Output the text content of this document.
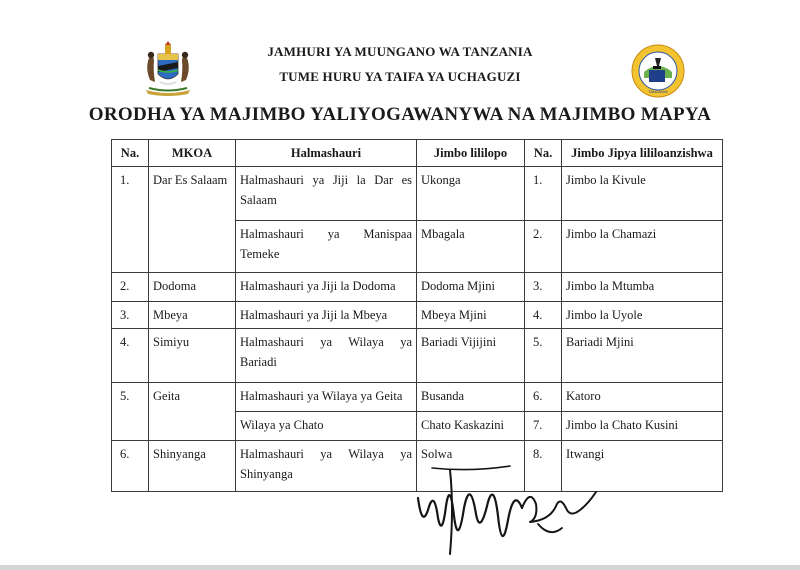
TANZANIA
JAMHURI YA MUUNGANO WA TANZANIA
TUME HURU YA TAIFA YA UCHAGUZI
ORODHA YA MAJIMBO YALIYOGAWANYWA NA MAJIMBO MAPYA
Na.	MKOA	Halmashauri	Jimbo lililopo	Na.	Jimbo Jipya lililoanzishwa
1.	Dar Es Salaam	Halmashauri ya Jiji la Dar es Salaam	Ukonga	1.	Jimbo la Kivule
		Halmashauri ya Manispaa Temeke	Mbagala	2.	Jimbo la Chamazi
2.	Dodoma	Halmashauri ya Jiji la Dodoma	Dodoma Mjini	3.	Jimbo la Mtumba
3.	Mbeya	Halmashauri ya Jiji la Mbeya	Mbeya Mjini	4.	Jimbo la Uyole
4.	Simiyu	Halmashauri ya Wilaya ya Bariadi	Bariadi Vijijini	5.	Bariadi Mjini
5.	Geita	Halmashauri ya Wilaya ya Geita	Busanda	6.	Katoro
		Wilaya ya Chato	Chato Kaskazini	7.	Jimbo la Chato Kusini
6.	Shinyanga	Halmashauri ya Wilaya ya Shinyanga	Solwa	8.	Itwangi
